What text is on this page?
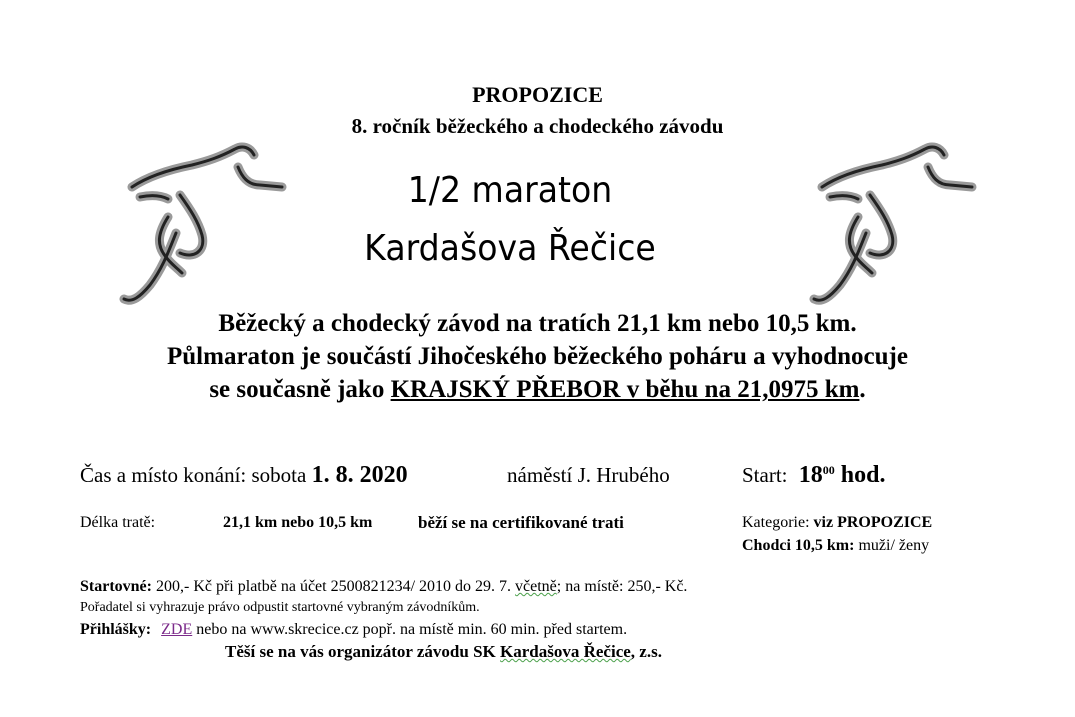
PROPOZICE
8. ročník běžeckého a chodeckého závodu
1/2 maraton
Kardašova Řečice
Běžecký a chodecký závod na tratích 21,1 km nebo 10,5 km.
Půlmaraton je součástí Jihočeského běžeckého poháru a vyhodnocuje
se současně jako KRAJSKÝ PŘEBOR v běhu na 21,0975 km.
Čas a místo konání: sobota 1. 8. 2020	náměstí J. Hrubého	Start: $18^{00}$ hod.
Délka tratě:	21,1 km nebo 10,5 km	běží se na certifikované trati	Kategorie: viz PROPOZICE
Chodci 10,5 km: muži/ ženy
Startovné: 200,- Kč při platbě na účet 2500821234/ 2010 do 29. 7. včetně; na místě: 250,- Kč.
Pořadatel si vyhrazuje právo odpustit startovné vybraným závodníkům.
Přihlášky: ZDE nebo na www.skrecice.cz popř. na místě min. 60 min. před startem.
Těší se na vás organizátor závodu SK Kardašova Řečice, z.s.
